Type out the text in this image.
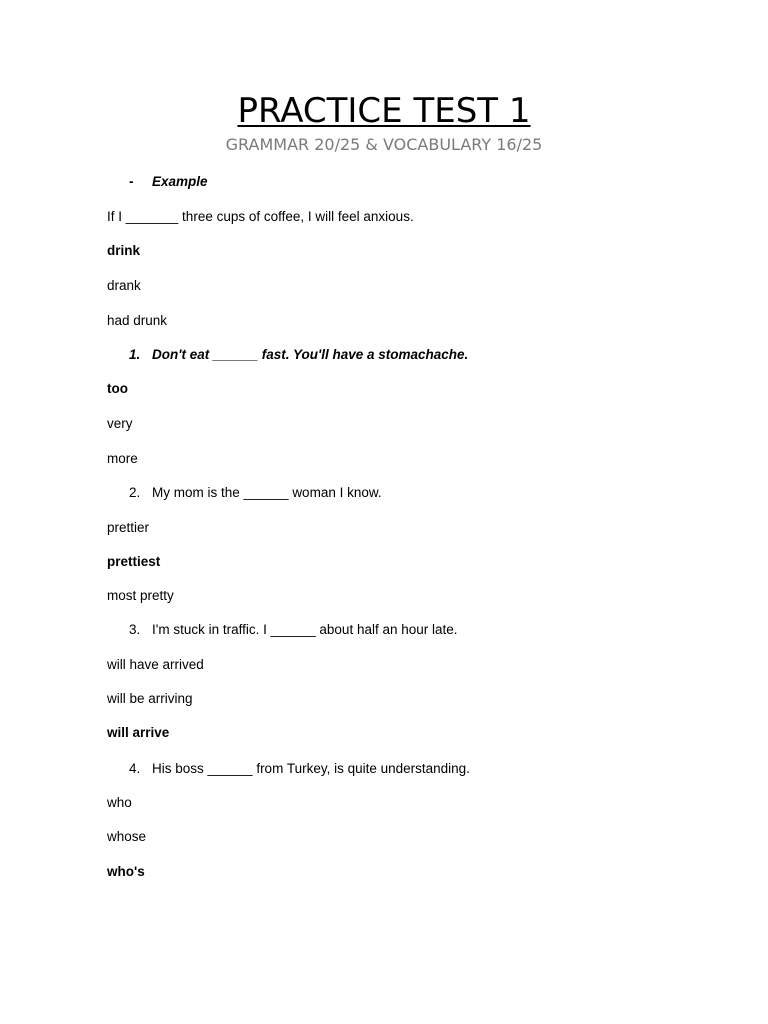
PRACTICE TEST 1

GRAMMAR 20/25 & VOCABULARY 16/25

- Example
If I _______ three cups of coffee, I will feel anxious.
drink
drank
had drunk
1. Don't eat ______ fast. You'll have a stomachache.
too
very
more
2. My mom is the ______ woman I know.
prettier
prettiest
most pretty
3. I'm stuck in traffic. I ______ about half an hour late.
will have arrived
will be arriving
will arrive
4. His boss ______ from Turkey, is quite understanding.
who
whose
who's
